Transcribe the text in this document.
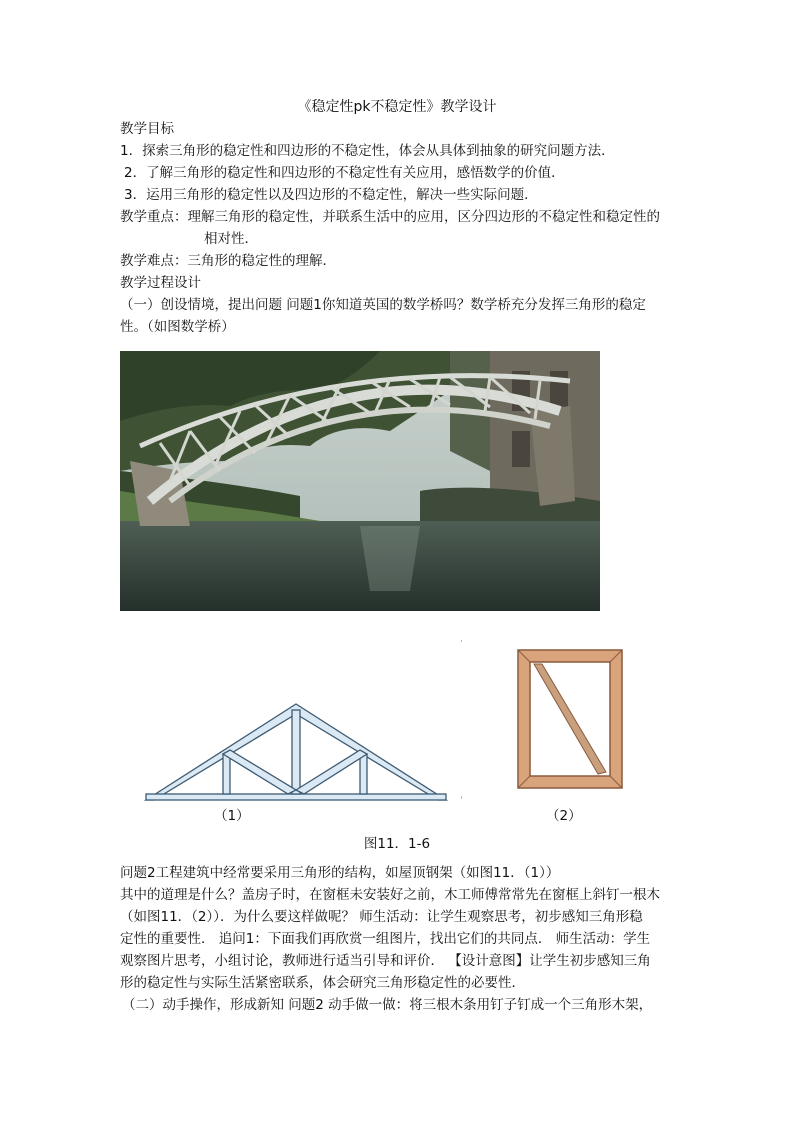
《稳定性pk不稳定性》教学设计
教学目标
1．探索三角形的稳定性和四边形的不稳定性，体会从具体到抽象的研究问题方法．
2．了解三角形的稳定性和四边形的不稳定性有关应用，感悟数学的价值．
3．运用三角形的稳定性以及四边形的不稳定性，解决一些实际问题．
教学重点：理解三角形的稳定性，并联系生活中的应用，区分四边形的不稳定性和稳定性的
相对性．
教学难点：三角形的稳定性的理解．
教学过程设计
（一）创设情境，提出问题 问题1你知道英国的数学桥吗？数学桥充分发挥三角形的稳定
性。（如图数学桥）
（1）	（2）
图11．1-6
问题2工程建筑中经常要采用三角形的结构，如屋顶钢架（如图11．（1））
其中的道理是什么？盖房子时，在窗框未安装好之前，木工师傅常常先在窗框上斜钉一根木
（如图11．（2））．为什么要这样做呢？ 师生活动：让学生观察思考，初步感知三角形稳
定性的重要性． 追问1：下面我们再欣赏一组图片，找出它们的共同点． 师生活动：学生
观察图片思考，小组讨论，教师进行适当引导和评价． 【设计意图】让学生初步感知三角
形的稳定性与实际生活紧密联系，体会研究三角形稳定性的必要性．
（二）动手操作，形成新知 问题2 动手做一做：将三根木条用钉子钉成一个三角形木架，
